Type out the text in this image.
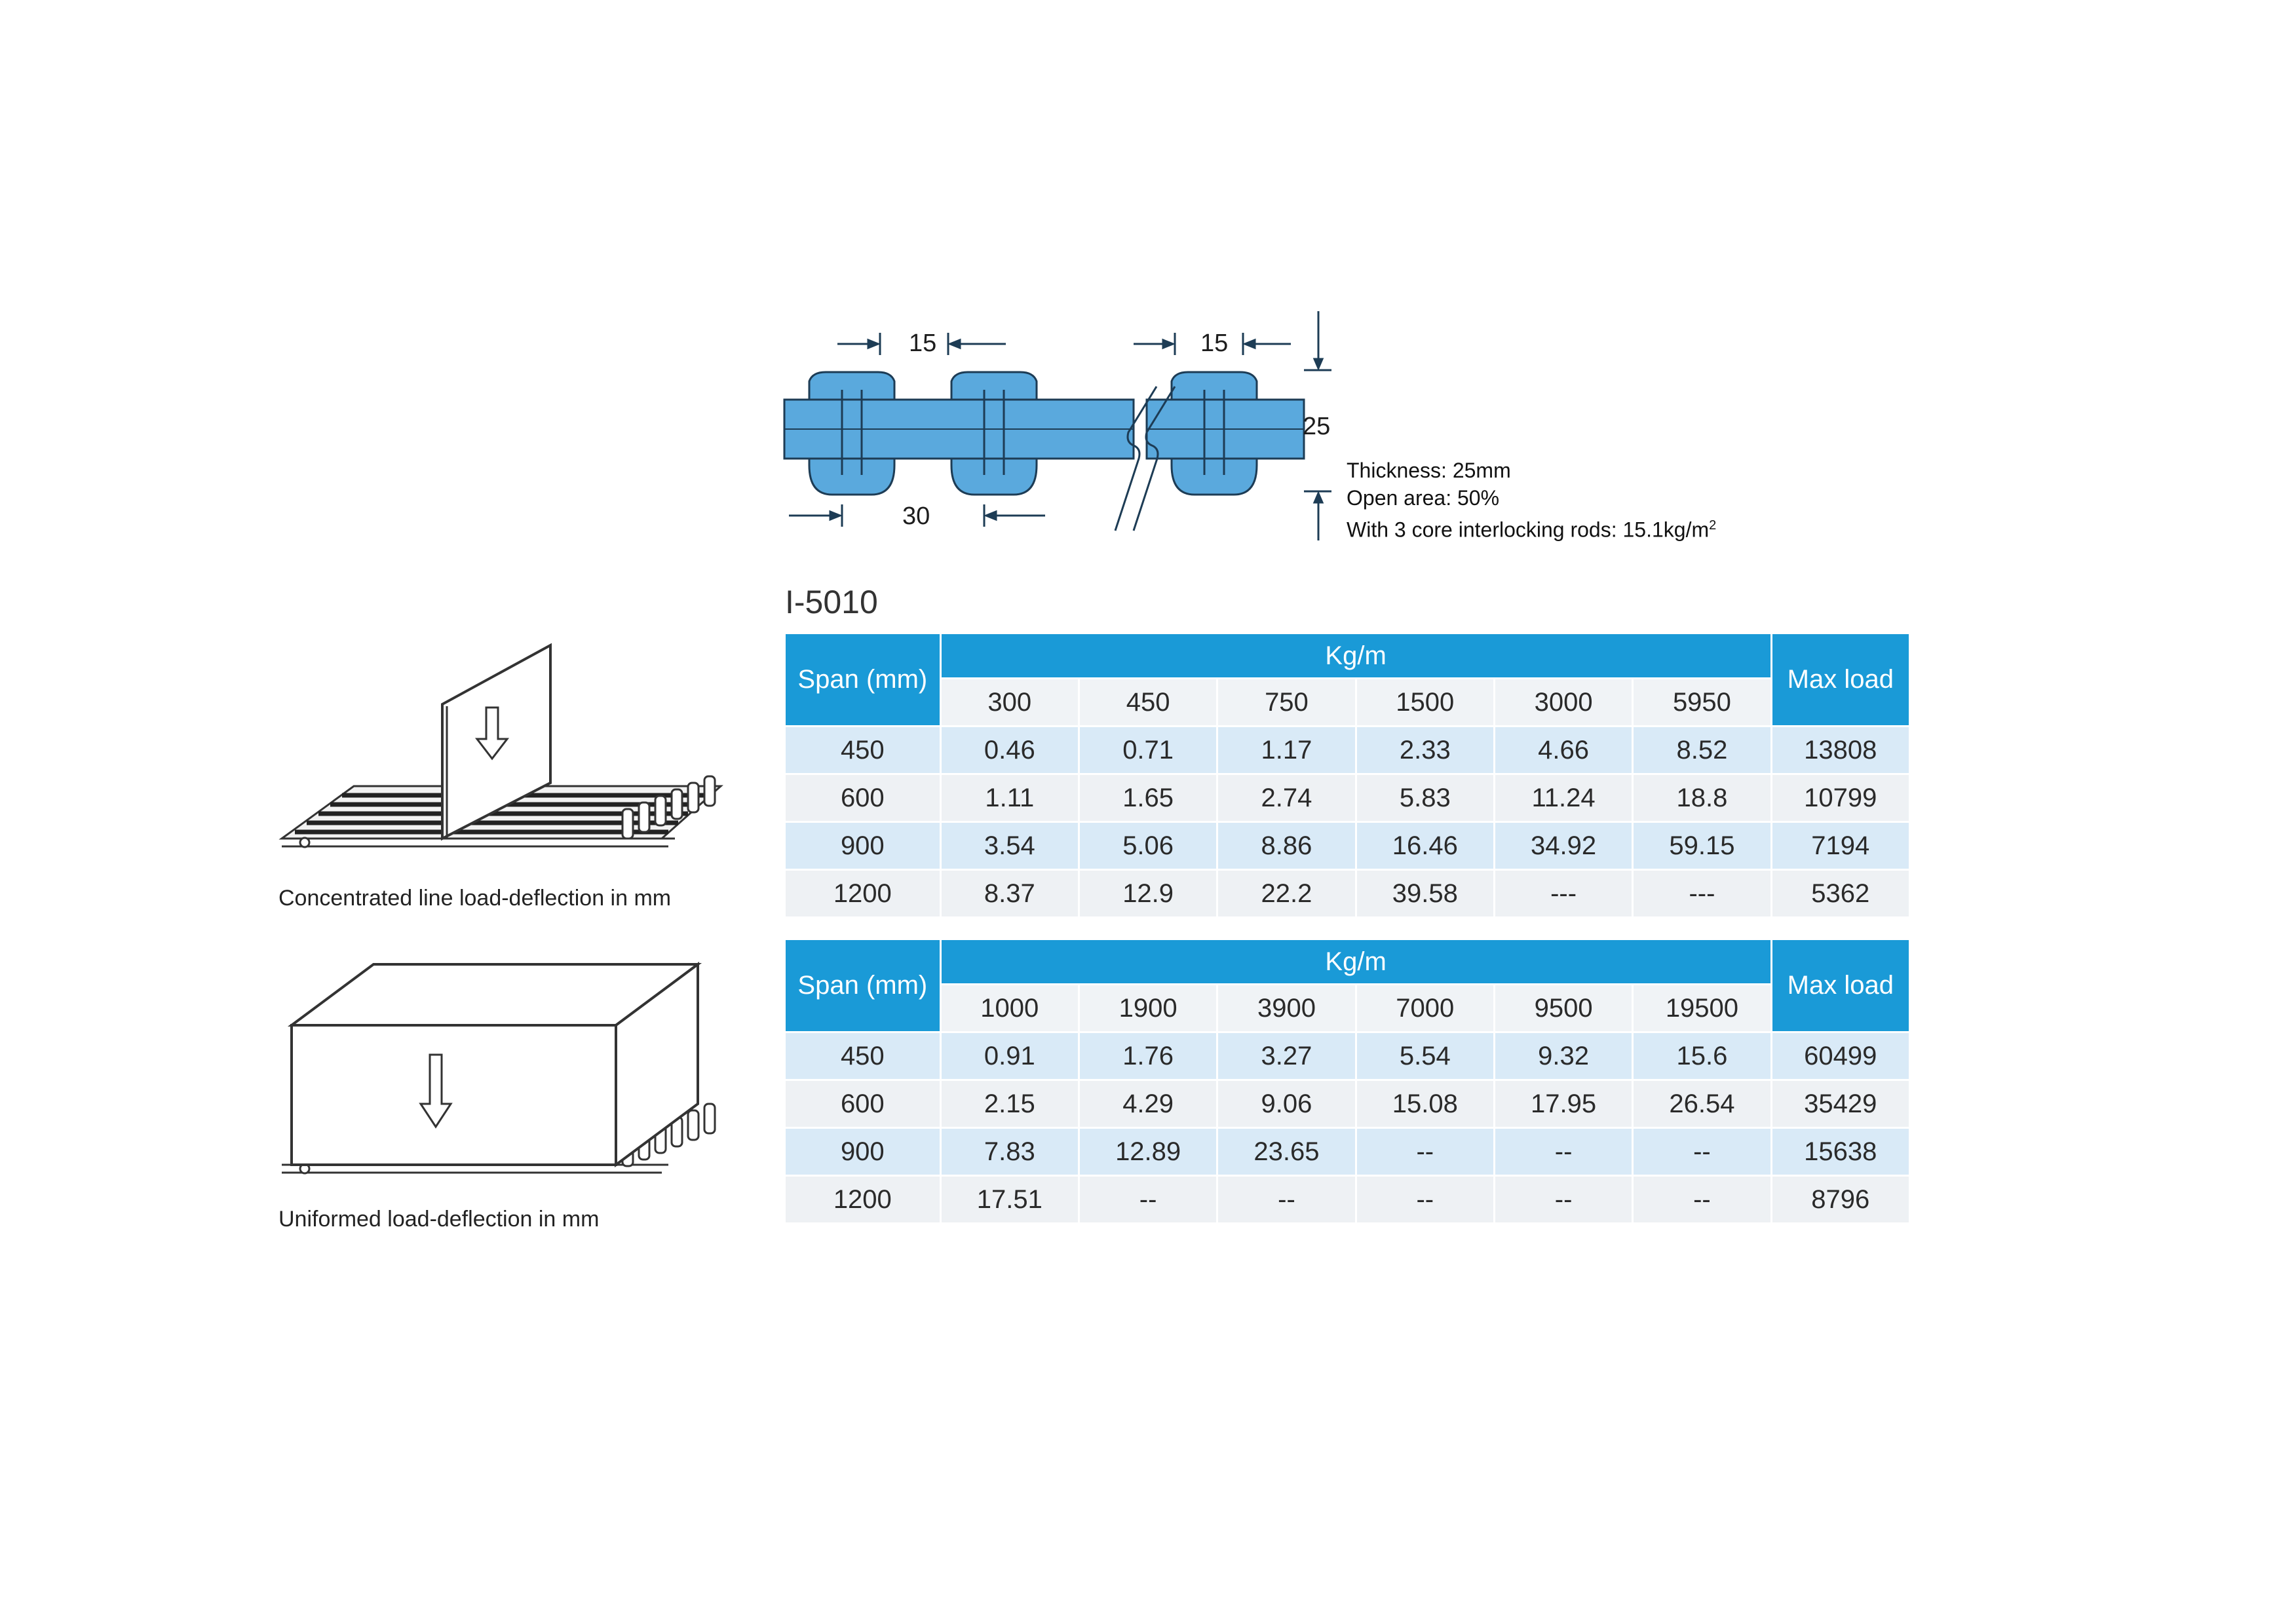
15	15
30
25
Thickness: 25mm
Open area: 50%
With 3 core interlocking rods: $15.1kg/m^2$
I-5010
Concentrated line load-deflection in mm
Uniformed load-deflection in mm
Span (mm)	Kg/m						Max load
	300	450	750	1500	3000	5950	
450	0.46	0.71	1.17	2.33	4.66	8.52	13808
600	1.11	1.65	2.74	5.83	11.24	18.8	10799
900	3.54	5.06	8.86	16.46	34.92	59.15	7194
1200	8.37	12.9	22.2	39.58	---	---	5362
Span (mm)	Kg/m						Max load
	1000	1900	3900	7000	9500	19500	
450	0.91	1.76	3.27	5.54	9.32	15.6	60499
600	2.15	4.29	9.06	15.08	17.95	26.54	35429
900	7.83	12.89	23.65	--	--	--	15638
1200	17.51	--	--	--	--	--	8796
